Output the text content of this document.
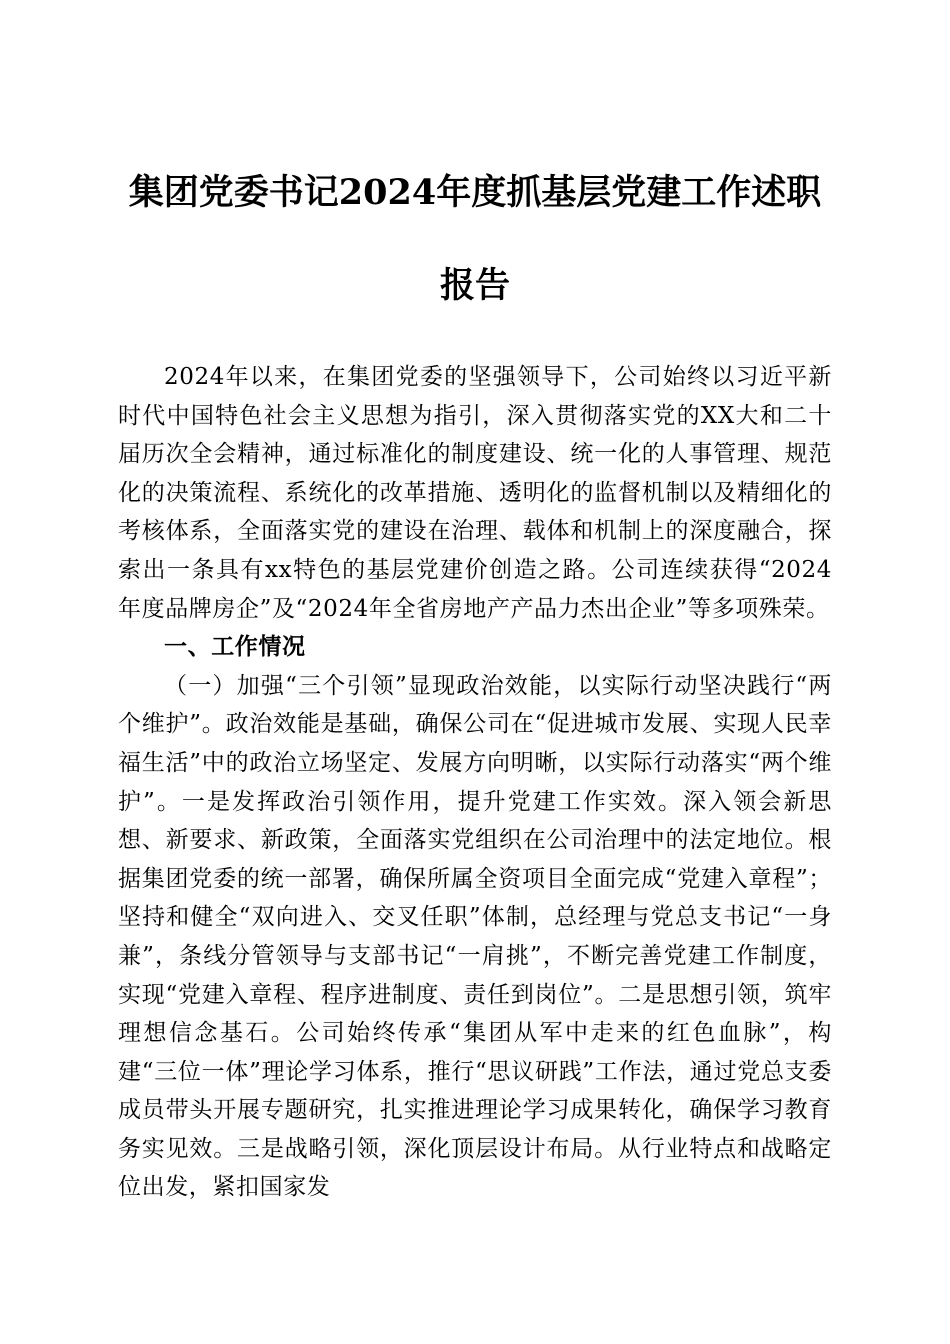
集团党委书记2024年度抓基层党建工作述职
报告

2024年以来，在集团党委的坚强领导下，公司始终以习近平新时代中国特色社会主义思想为指引，深入贯彻落实党的XX大和二十届历次全会精神，通过标准化的制度建设、统一化的人事管理、规范化的决策流程、系统化的改革措施、透明化的监督机制以及精细化的考核体系，全面落实党的建设在治理、载体和机制上的深度融合，探索出一条具有xx特色的基层党建价创造之路。公司连续获得“2024年度品牌房企”及“2024年全省房地产产品力杰出企业”等多项殊荣。

一、工作情况

（一）加强“三个引领”显现政治效能，以实际行动坚决践行“两个维护”。政治效能是基础，确保公司在“促进城市发展、实现人民幸福生活”中的政治立场坚定、发展方向明晰，以实际行动落实“两个维护”。一是发挥政治引领作用，提升党建工作实效。深入领会新思想、新要求、新政策，全面落实党组织在公司治理中的法定地位。根据集团党委的统一部署，确保所属全资项目全面完成“党建入章程”；坚持和健全“双向进入、交叉任职”体制，总经理与党总支书记“一身兼”，条线分管领导与支部书记“一肩挑”，不断完善党建工作制度，实现“党建入章程、程序进制度、责任到岗位”。二是思想引领，筑牢理想信念基石。公司始终传承“集团从军中走来的红色血脉”，构建“三位一体”理论学习体系，推行“思议研践”工作法，通过党总支委成员带头开展专题研究，扎实推进理论学习成果转化，确保学习教育务实见效。三是战略引领，深化顶层设计布局。从行业特点和战略定位出发，紧扣国家发
